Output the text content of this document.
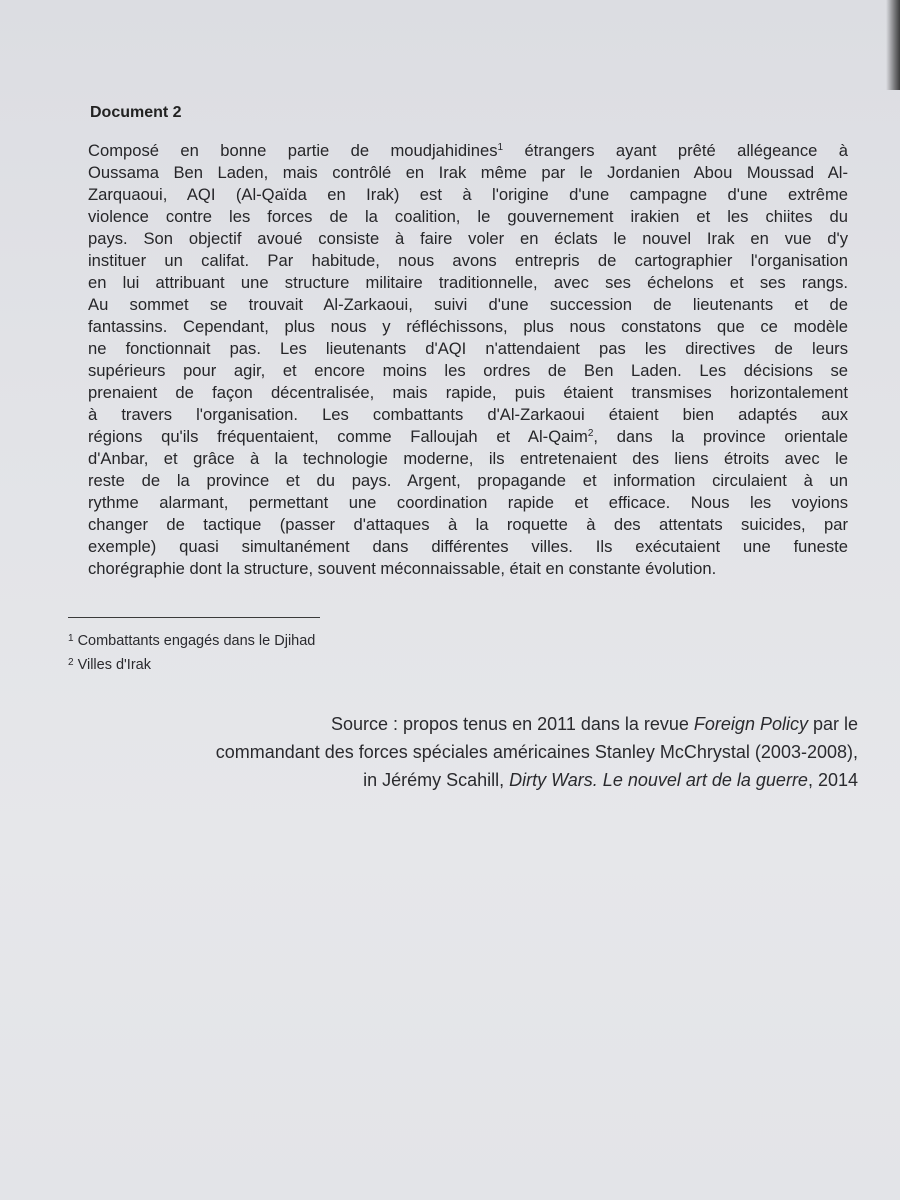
Document 2
Composé en bonne partie de moudjahidines$^1$ étrangers ayant prêté allégeance à
Oussama Ben Laden, mais contrôlé en Irak même par le Jordanien Abou Moussad Al-
Zarquaoui, AQI (Al-Qaïda en Irak) est à l'origine d'une campagne d'une extrême
violence contre les forces de la coalition, le gouvernement irakien et les chiites du
pays. Son objectif avoué consiste à faire voler en éclats le nouvel Irak en vue d'y
instituer un califat. Par habitude, nous avons entrepris de cartographier l'organisation
en lui attribuant une structure militaire traditionnelle, avec ses échelons et ses rangs.
Au sommet se trouvait Al-Zarkaoui, suivi d'une succession de lieutenants et de
fantassins. Cependant, plus nous y réfléchissons, plus nous constatons que ce modèle
ne fonctionnait pas. Les lieutenants d'AQI n'attendaient pas les directives de leurs
supérieurs pour agir, et encore moins les ordres de Ben Laden. Les décisions se
prenaient de façon décentralisée, mais rapide, puis étaient transmises horizontalement
à travers l'organisation. Les combattants d'Al-Zarkaoui étaient bien adaptés aux
régions qu'ils fréquentaient, comme Falloujah et Al-Qaim$^2$, dans la province orientale
d'Anbar, et grâce à la technologie moderne, ils entretenaient des liens étroits avec le
reste de la province et du pays. Argent, propagande et information circulaient à un
rythme alarmant, permettant une coordination rapide et efficace. Nous les voyions
changer de tactique (passer d'attaques à la roquette à des attentats suicides, par
exemple) quasi simultanément dans différentes villes. Ils exécutaient une funeste
chorégraphie dont la structure, souvent méconnaissable, était en constante évolution.
$^1$ Combattants engagés dans le Djihad
$^2$ Villes d'Irak
Source : propos tenus en 2011 dans la revue Foreign Policy par le
commandant des forces spéciales américaines Stanley McChrystal (2003-2008),
in Jérémy Scahill, Dirty Wars. Le nouvel art de la guerre, 2014
